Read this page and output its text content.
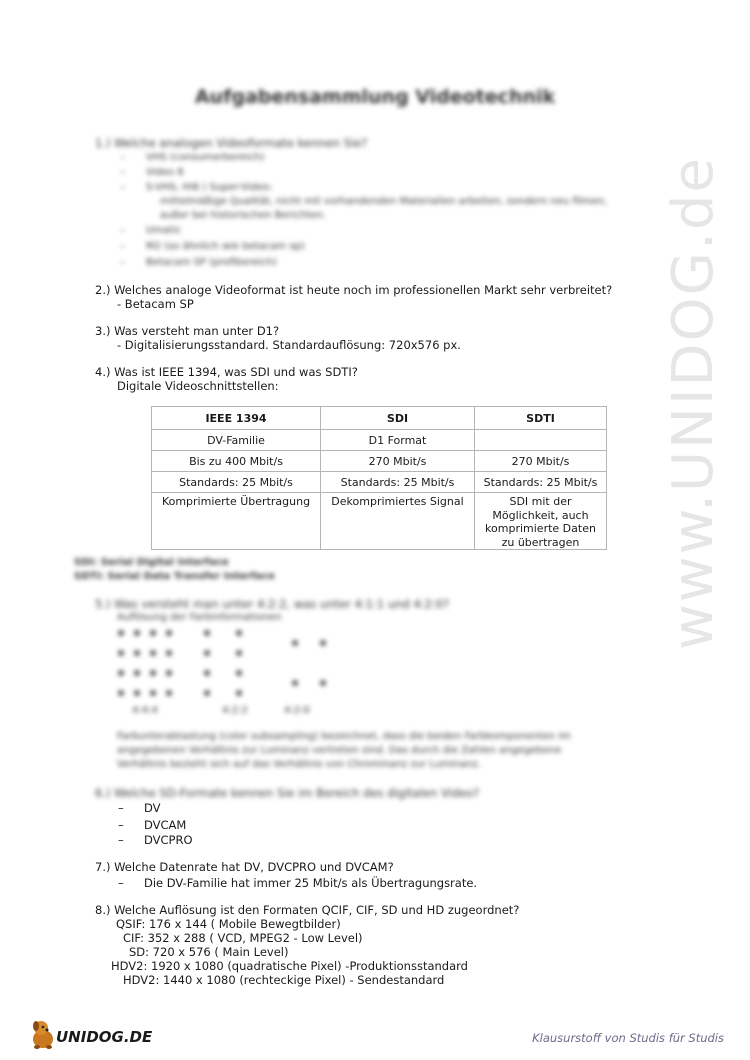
www.UNIDOG.de
Aufgabensammlung Videotechnik
1.) Welche analogen Videoformate kennen Sie?
– VHS (consumerbereich)
– Video 8
– S-VHS, Hi8 ) Super-Video:
mittelmäßige Qualität, nicht mit vorhandenden Materialien arbeiten, sondern neu filmen,
außer bei historischen Berichten.
– Umatic
– M2 (so ähnlich wie betacam sp)
– Betacam SP (profibereich)
2.) Welches analoge Videoformat ist heute noch im professionellen Markt sehr verbreitet?
- Betacam SP
3.) Was versteht man unter D1?
- Digitalisierungsstandard. Standardauflösung: 720x576 px.
4.) Was ist IEEE 1394, was SDI und was SDTI?
Digitale Videoschnittstellen:
IEEE 1394	SDI	SDTI
DV-Familie	D1 Format	
Bis zu 400 Mbit/s	270 Mbit/s	270 Mbit/s
Standards: 25 Mbit/s	Standards: 25 Mbit/s	Standards: 25 Mbit/s
Komprimierte Übertragung	Dekomprimiertes Signal	SDI mit der Möglichkeit, auch komprimierte Daten zu übertragen
SDI: Serial Digital Interface
SDTI: Serial Data Transfer Interface
5.) Was versteht man unter 4:2:2, was unter 4:1:1 und 4:2:0?
Auflösung der Farbinformationen
4:4:4	4:2:2	4:2:0
Farbunterabtastung (color subsampling) bezeichnet, dass die beiden Farbkomponenten im
angegebenen Verhältnis zur Luminanz vertreten sind. Das durch die Zahlen angegebene
Verhältnis bezieht sich auf das Verhältnis von Chrominanz zur Luminanz.
6.) Welche SD-Formate kennen Sie im Bereich des digitalen Video?
– DV
– DVCAM
– DVCPRO
7.) Welche Datenrate hat DV, DVCPRO und DVCAM?
– Die DV-Familie hat immer 25 Mbit/s als Übertragungsrate.
8.) Welche Auflösung ist den Formaten QCIF, CIF, SD und HD zugeordnet?
QSIF: 176 x 144 ( Mobile Bewegtbilder)
CIF: 352 x 288 ( VCD, MPEG2 - Low Level)
SD: 720 x 576 ( Main Level)
HDV2: 1920 x 1080 (quadratische Pixel) -Produktionsstandard
HDV2: 1440 x 1080 (rechteckige Pixel) - Sendestandard
UNIDOG.DE	Klausurstoff von Studis für Studis
